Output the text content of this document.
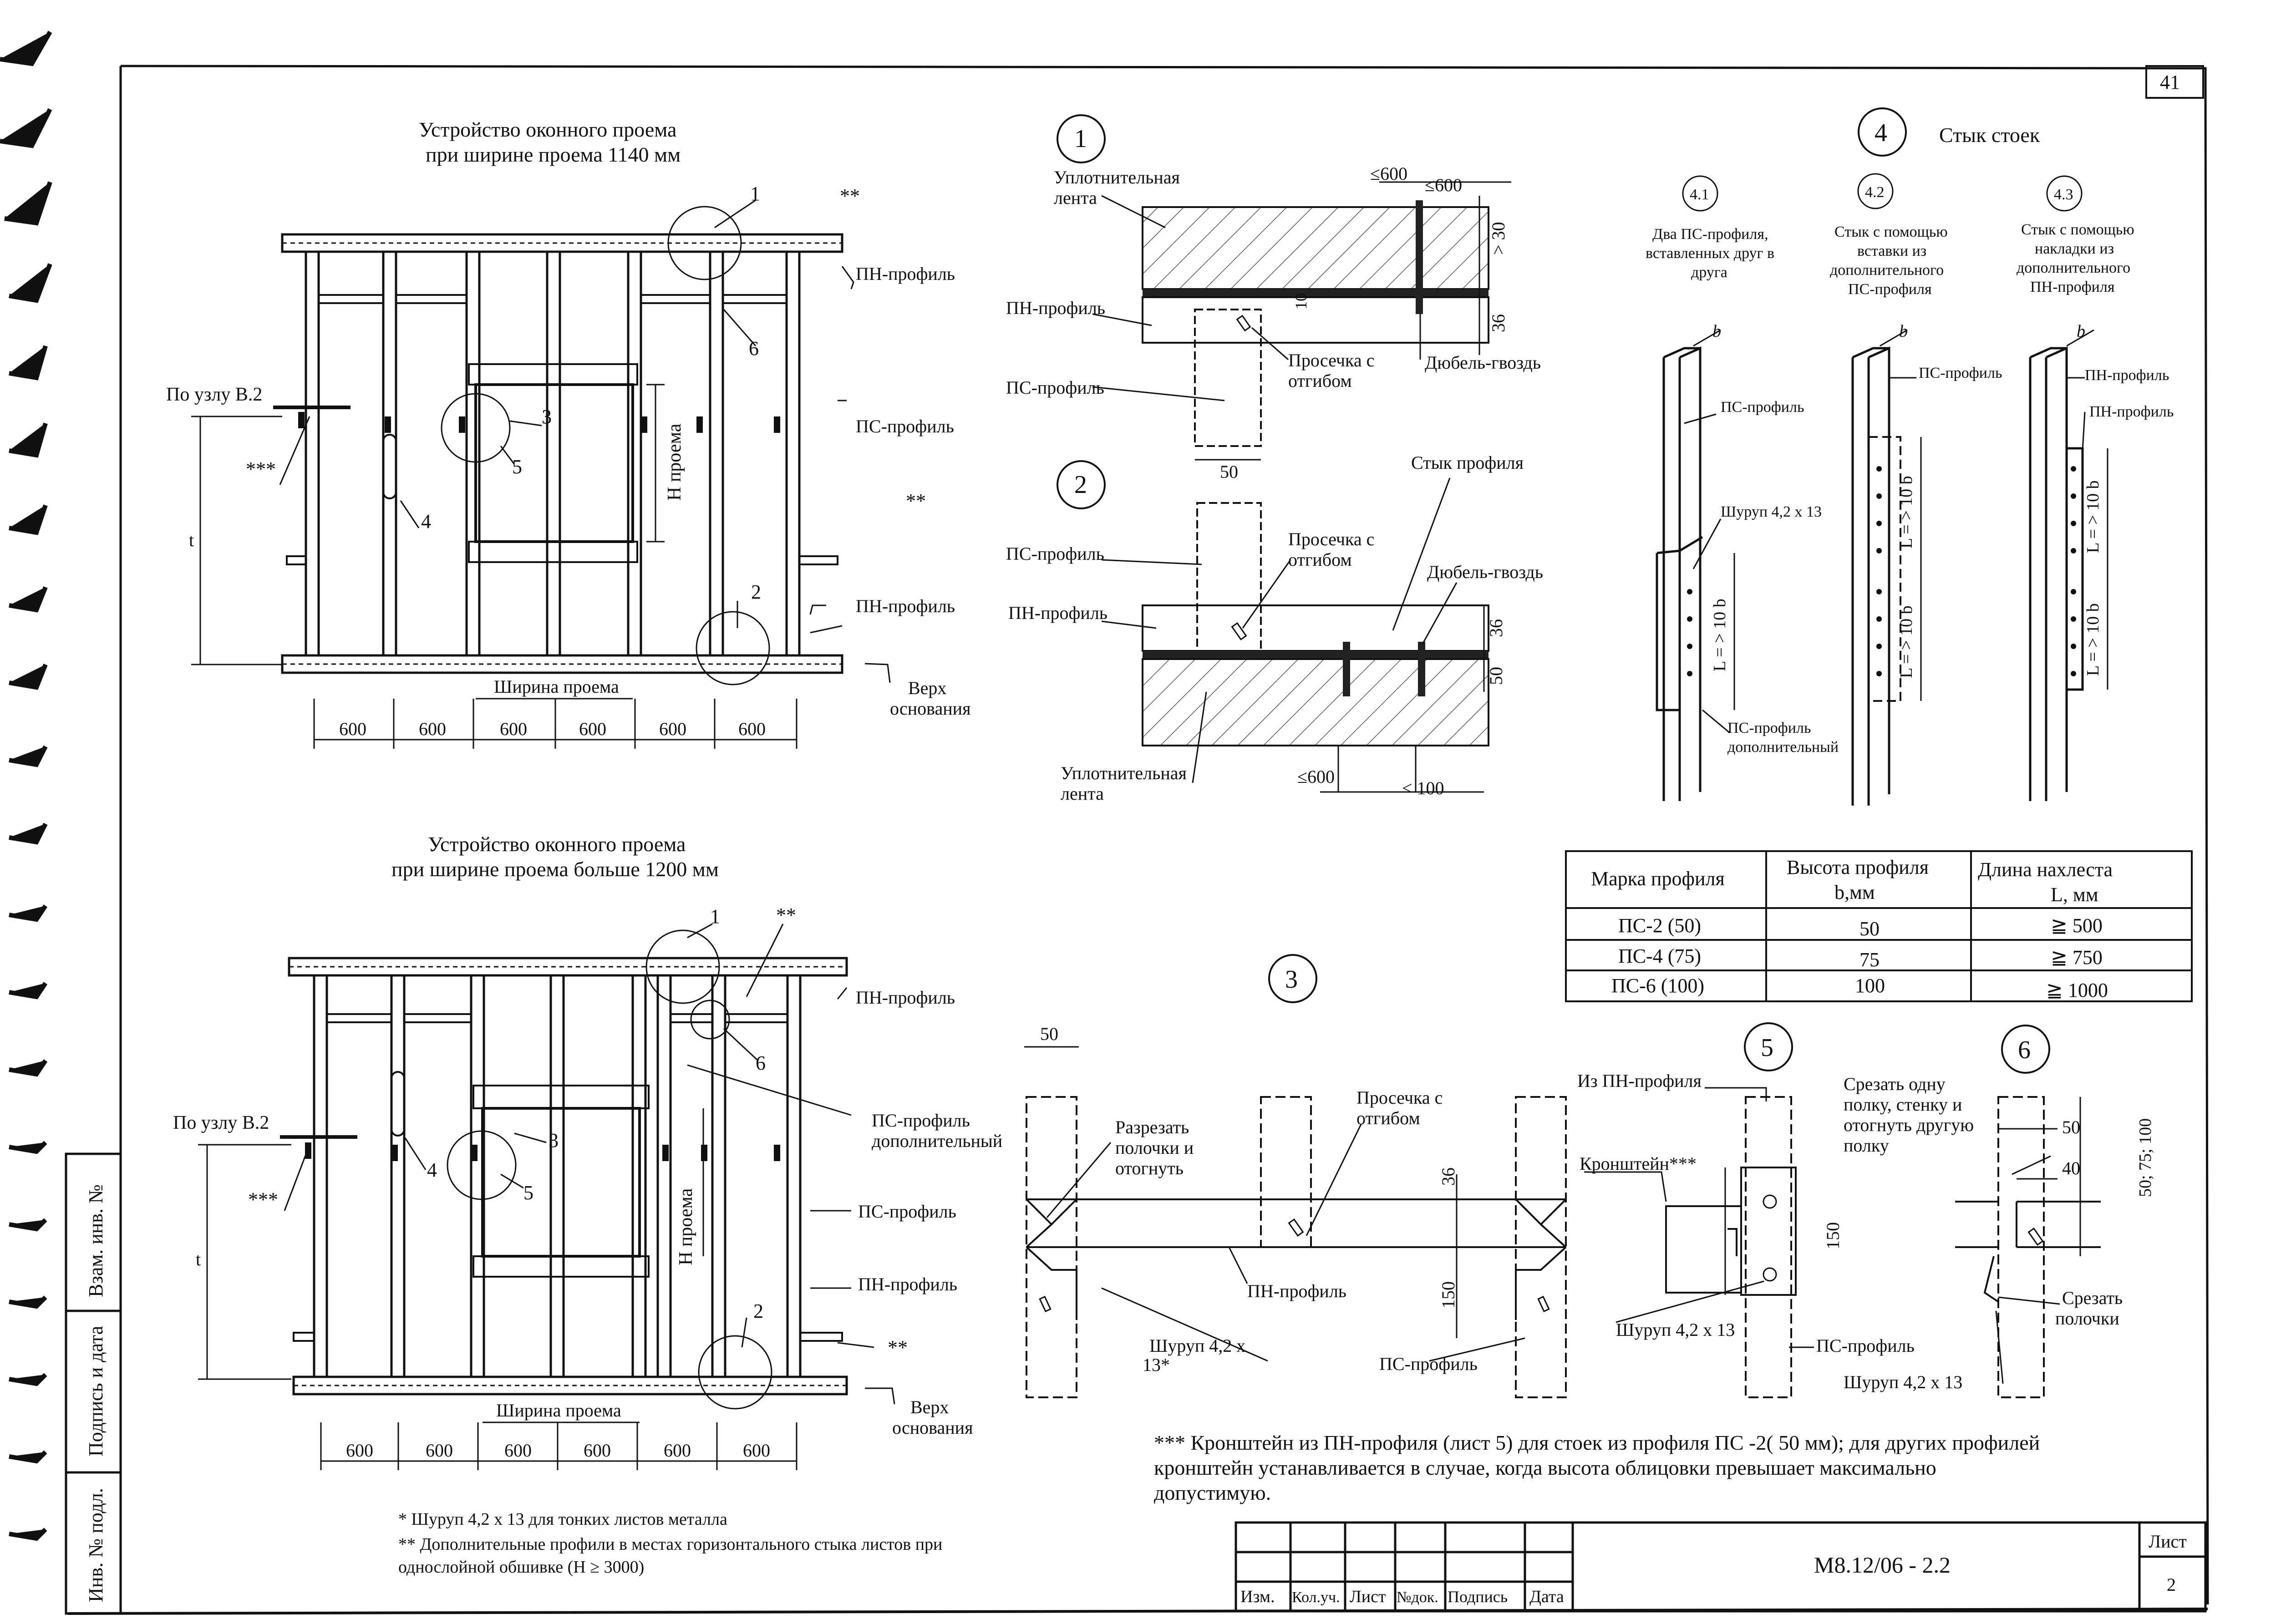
41
Взам. инв. №
Подпись и дата
Инв. № подл.
Устройство оконного проема
при ширине проема 1140 мм
Н проема
t
Ширина проема
600	600	600	600	600	600
1
2
3
4
5
6
**
**
***
ПН-профиль
ПС-профиль
ПН-профиль
Верх
основания
По узлу В.2
Устройство оконного проема
при ширине проема больше 1200 мм
Н проема
t
Ширина проема
600	600	600	600	600	600
1
2
3
4
5
6
**
**
***
ПН-профиль
ПС-профиль
дополнительный
ПС-профиль
ПН-профиль
Верх
основания
По узлу В.2
1
50
Уплотнительная
лента
ПН-профиль
ПС-профиль
Просечка с
отгибом
Дюбель-гвоздь
≤600
≤600
> 30
10
36
2
Стык профиля
ПС-профиль
Просечка с
отгибом
ПН-профиль
Дюбель-гвоздь
Уплотнительная
лента
≤600
< 100
36
50
4 Стык стоек
4.1
Два ПС-профиля,
вставленных друг в
друга
4.2
Стык с помощью
вставки из
дополнительного
ПС-профиля
4.3
Стык с помощью
накладки из
дополнительного
ПН-профиля
L = > 10 b
L = > 10 b
L = > 10 b
L = > 10 b
L = > 10 b
b	b	b
ПС-профиль
ПС-профиль	ПН-профиль
ПН-профиль
Шуруп 4,2 х 13
ПС-профиль
дополнительный
Марка профиля
Высота профиля
b,мм
Длина нахлеста
L, мм
ПС-2 (50)	50	≧ 500
ПС-4 (75)	75	≧ 750
ПС-6 (100)	100	≧ 1000
3
50
Разрезать
полочки и
отогнуть
Просечка с
отгибом
ПН-профиль
ПС-профиль
Шуруп 4,2 х
13*
36
150
5
Из ПН-профиля
Кронштейн***
Шуруп 4,2 х 13
ПС-профиль
150
6
Срезать одну
полку, стенку и
отогнуть другую
полку
50
40	50; 75; 100
Срезать
полочки
Шуруп 4,2 х 13
*** Кронштейн из ПН-профиля (лист 5) для стоек из профиля ПС -2( 50 мм); для других профилей
кронштейн устанавливается в случае, когда высота облицовки превышает максимально
допустимую.
* Шуруп 4,2 х 13 для тонких листов металла
** Дополнительные профили в местах горизонтального стыка листов при
однослойной обшивке (Н ≥ 3000)
Изм. Кол.уч. Лист №док. Подпись Дата
М8.12/06 - 2.2
Лист
2
